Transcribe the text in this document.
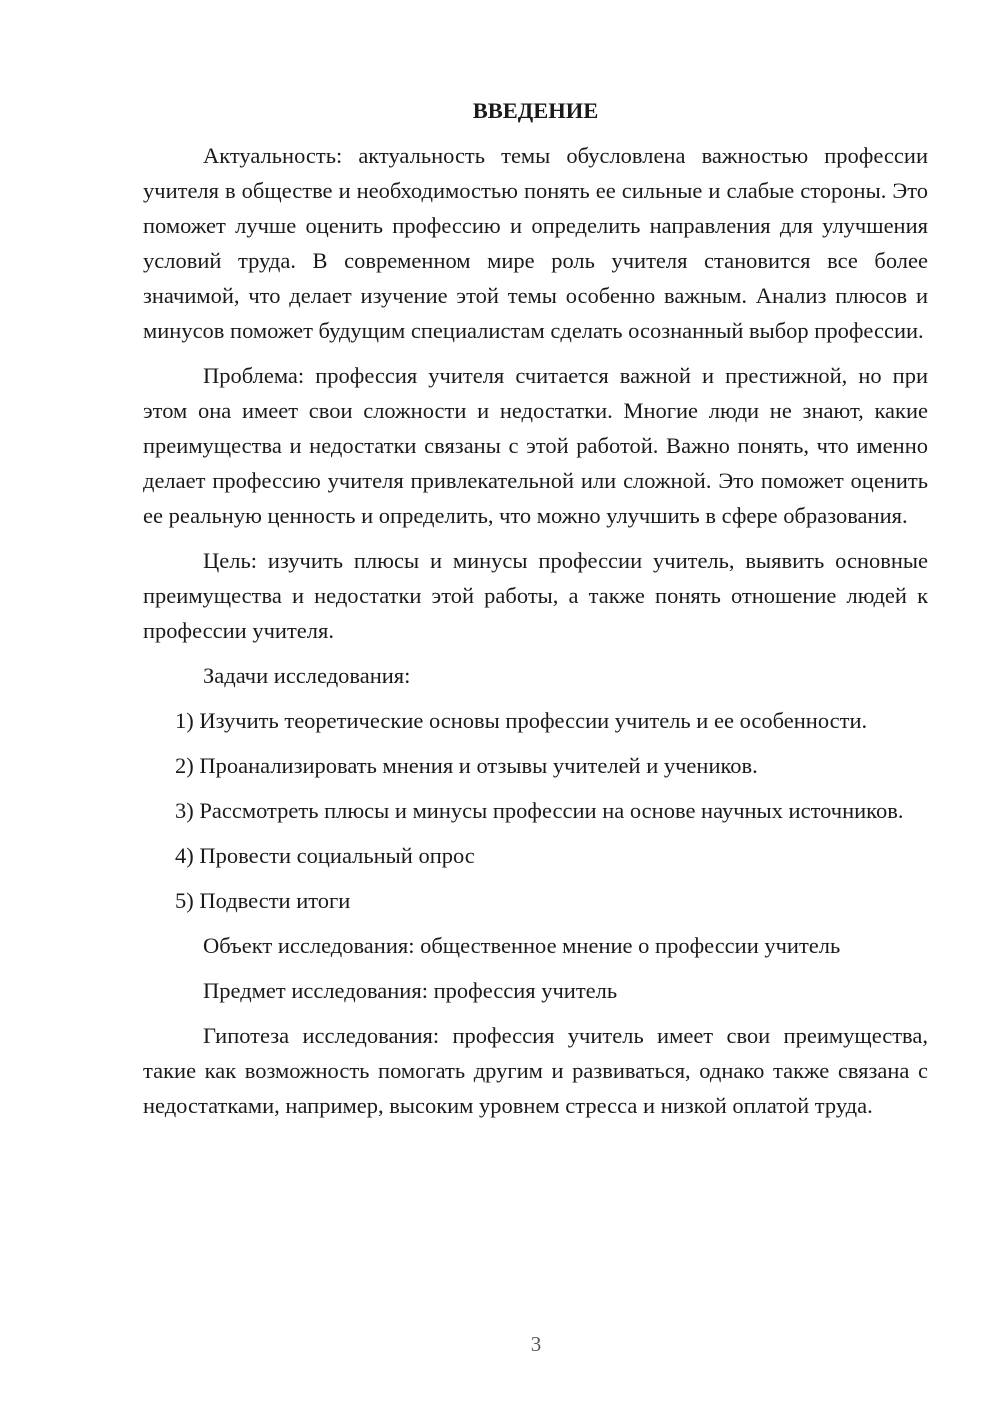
ВВЕДЕНИЕ

Актуальность: актуальность темы обусловлена важностью профессии учителя в обществе и необходимостью понять ее сильные и слабые стороны. Это поможет лучше оценить профессию и определить направления для улучшения условий труда. В современном мире роль учителя становится все более значимой, что делает изучение этой темы особенно важным. Анализ плюсов и минусов поможет будущим специалистам сделать осознанный выбор профессии.

Проблема: профессия учителя считается важной и престижной, но при этом она имеет свои сложности и недостатки. Многие люди не знают, какие преимущества и недостатки связаны с этой работой. Важно понять, что именно делает профессию учителя привлекательной или сложной. Это поможет оценить ее реальную ценность и определить, что можно улучшить в сфере образования.

Цель: изучить плюсы и минусы профессии учитель, выявить основные преимущества и недостатки этой работы, а также понять отношение людей к профессии учителя.

Задачи исследования:

1) Изучить теоретические основы профессии учитель и ее особенности.

2) Проанализировать мнения и отзывы учителей и учеников.

3) Рассмотреть плюсы и минусы профессии на основе научных источников.

4) Провести социальный опрос

5) Подвести итоги

Объект исследования: общественное мнение о профессии учитель

Предмет исследования: профессия учитель

Гипотеза исследования: профессия учитель имеет свои преимущества, такие как возможность помогать другим и развиваться, однако также связана с недостатками, например, высоким уровнем стресса и низкой оплатой труда.

3
